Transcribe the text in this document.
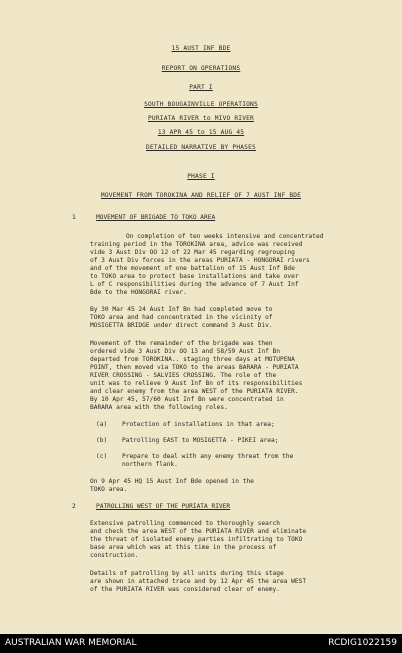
15 AUST INF BDE
REPORT ON OPERATIONS
PART I
SOUTH BOUGAINVILLE OPERATIONS
PURIATA RIVER to MIVO RIVER
13 APR 45 to 15 AUG 45
DETAILED NARRATIVE BY PHASES
PHASE I
MOVEMENT FROM TOROKINA AND RELIEF OF 7 AUST INF BDE
1	MOVEMENT OF BRIGADE TO TOKO AREA
On completion of ten weeks intensive and concentrated
training period in the TOROKINA area, advice was received
vide 3 Aust Div OO 12 of 22 Mar 45 regarding regrouping
of 3 Aust Div forces in the areas PURIATA - HONGORAI rivers
and of the movement of one battalion of 15 Aust Inf Bde
to TOKO area to protect base installations and take over
L of C responsibilities during the advance of 7 Aust Inf
Bde to the HONGORAI river.
By 30 Mar 45 24 Aust Inf Bn had completed move to
TOKO area and had concentrated in the vicinity of
MOSIGETTA BRIDGE under direct command 3 Aust Div.
Movement of the remainder of the brigade was then
ordered vide 3 Aust Div OO 13 and 58/59 Aust Inf Bn
departed from TOROKINA.. staging three days at MOTUPENA
POINT, then moved via TOKO to the areas BARARA - PURIATA
RIVER CROSSING - SALVIES CROSSING. The role of the
unit was to relieve 9 Aust Inf Bn of its responsibilities
and clear enemy from the area WEST of the PURIATA RIVER.
By 10 Apr 45, 57/60 Aust Inf Bn were concentrated in
BARARA area with the following roles.
(a) Protection of installations in that area;
(b) Patrolling EAST to MOSIGETTA - PIKEI area;
(c) Prepare to deal with any enemy threat from the
northern flank.
On 9 Apr 45 HQ 15 Aust Inf Bde opened in the
TOKO area.
2	PATROLLING WEST OF THE PURIATA RIVER
Extensive patrolling commenced to thoroughly search
and check the area WEST of the PURIATA RIVER and eliminate
the threat of isolated enemy parties infiltrating to TOKO
base area which was at this time in the process of
construction.
Details of patrolling by all units during this stage
are shown in attached trace and by 12 Apr 45 the area WEST
of the PURIATA RIVER was considered clear of enemy.
AUSTRALIAN WAR MEMORIAL	RCDIG1022159
